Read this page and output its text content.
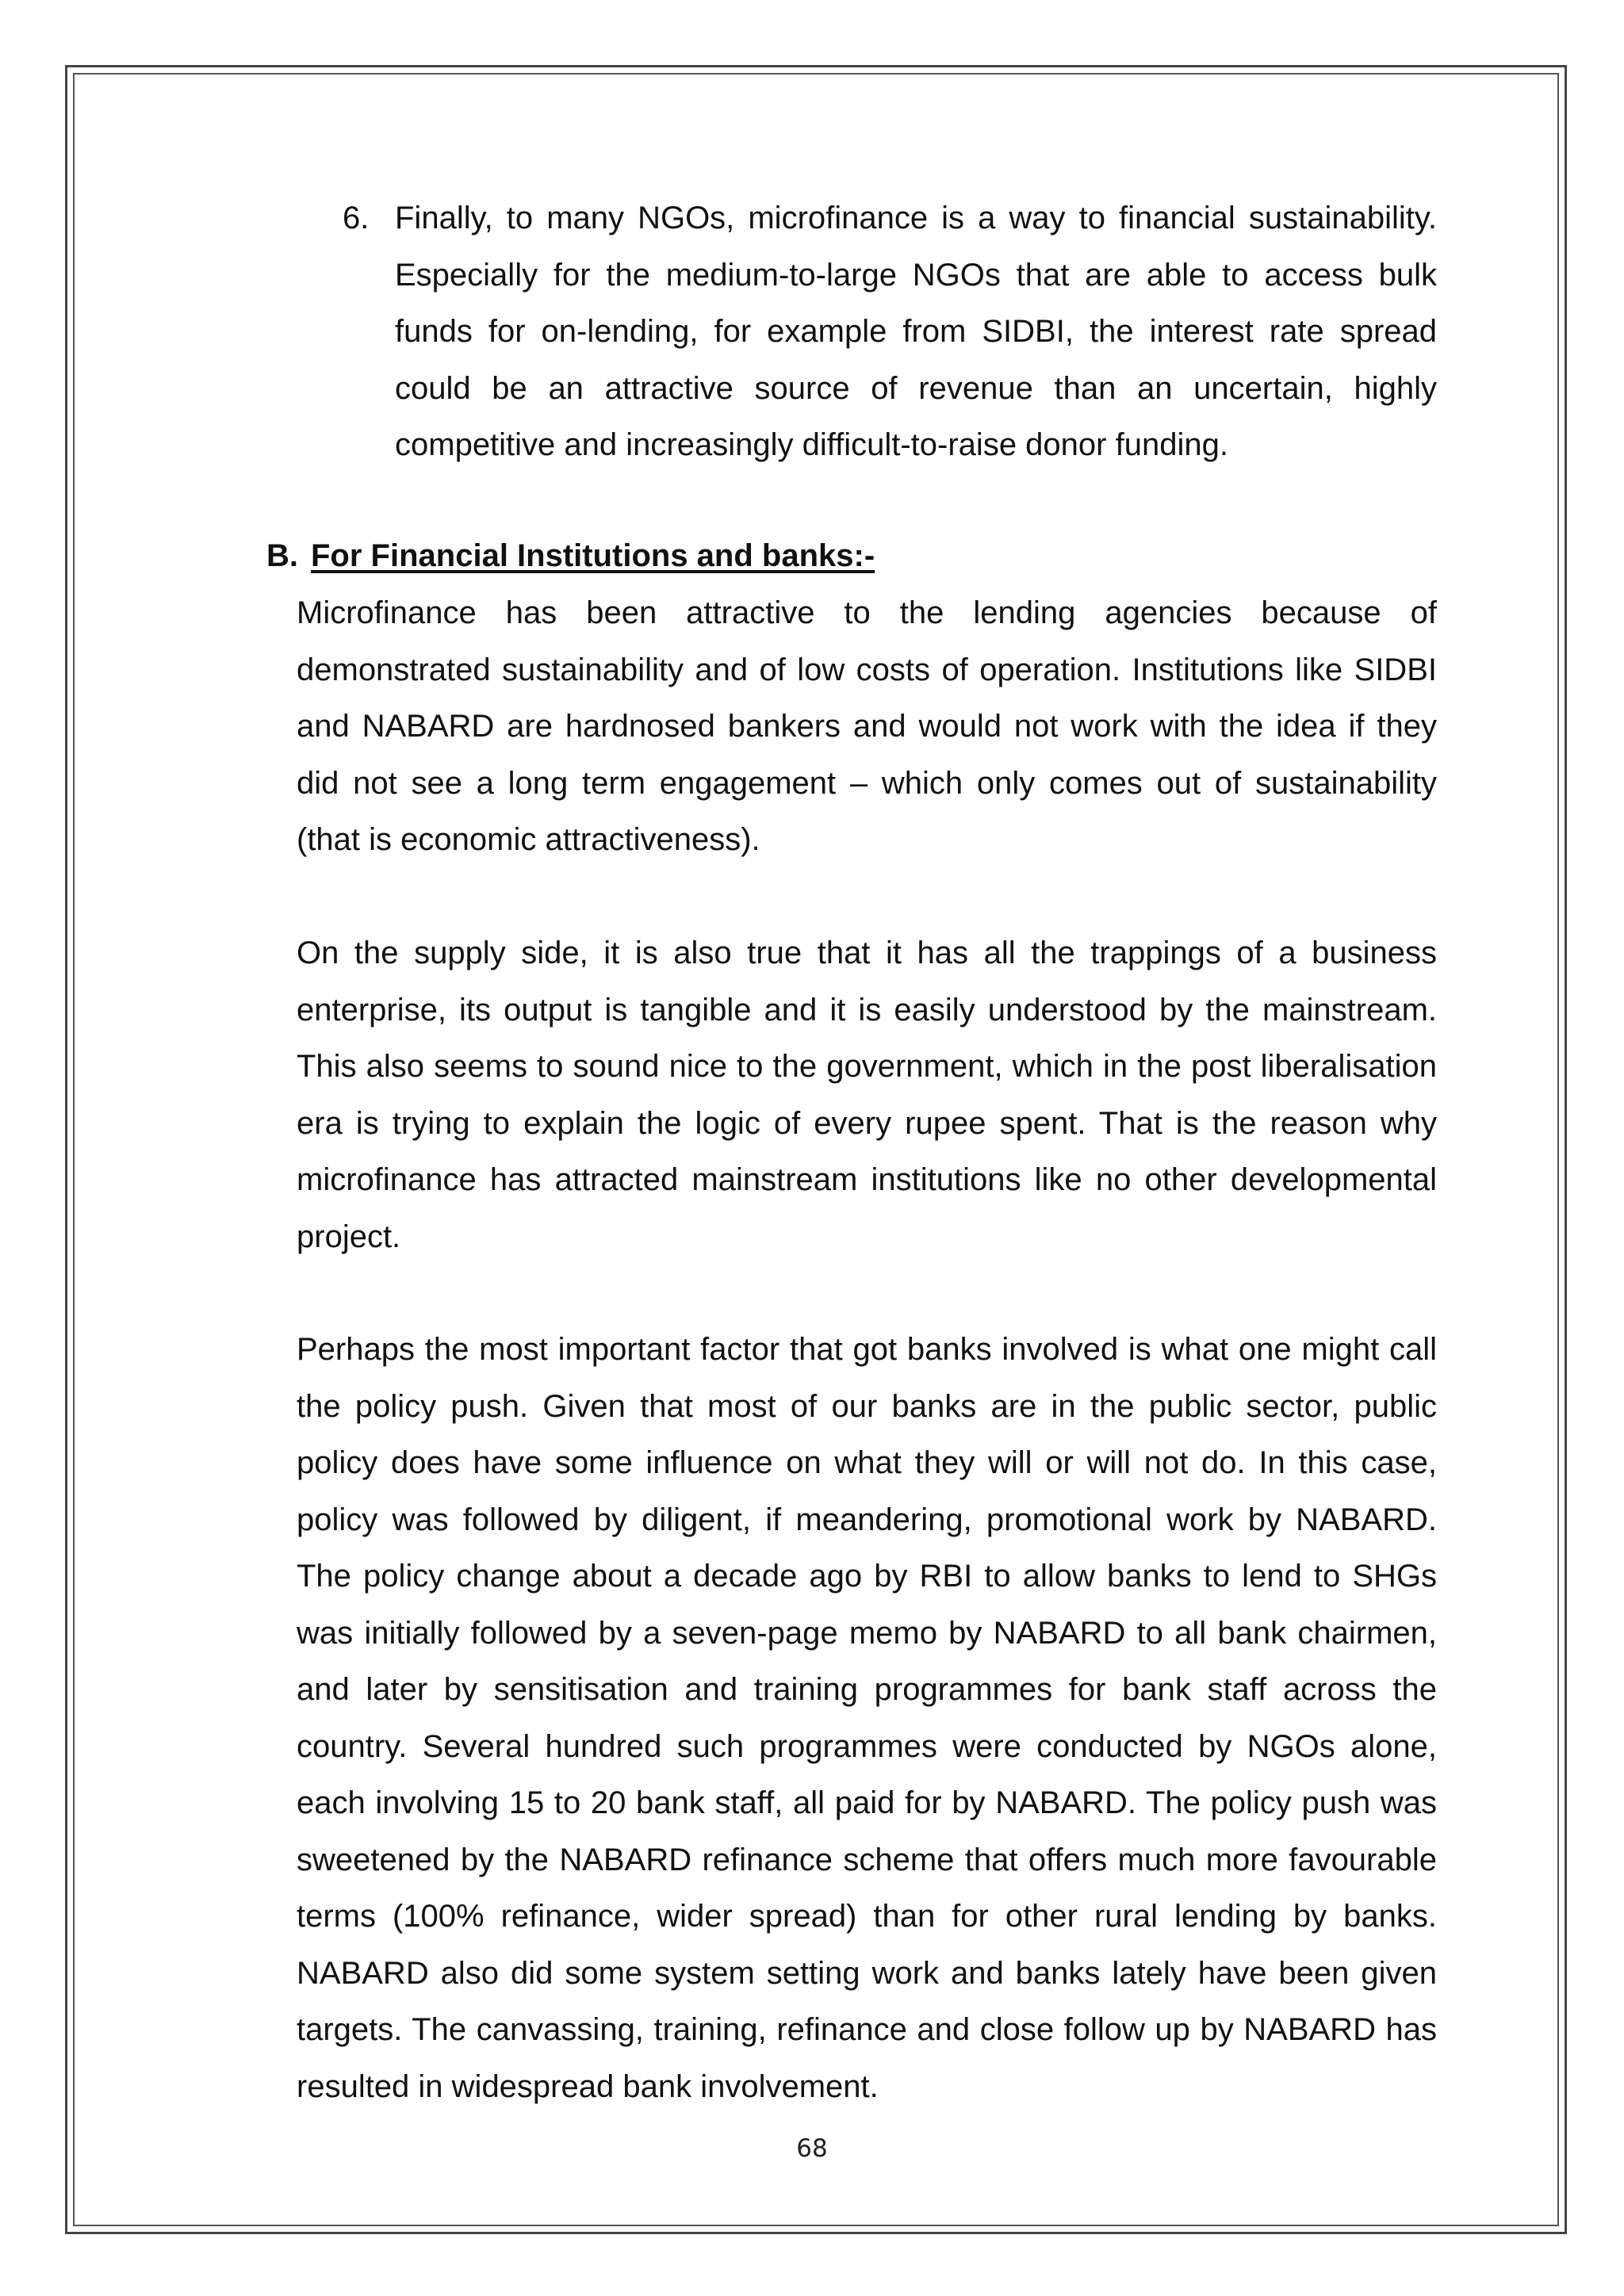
6. Finally, to many NGOs, microfinance is a way to financial sustainability. Especially for the medium-to-large NGOs that are able to access bulk funds for on-lending, for example from SIDBI, the interest rate spread could be an attractive source of revenue than an uncertain, highly competitive and increasingly difficult-to-raise donor funding.

B. For Financial Institutions and banks:-

Microfinance has been attractive to the lending agencies because of demonstrated sustainability and of low costs of operation. Institutions like SIDBI and NABARD are hardnosed bankers and would not work with the idea if they did not see a long term engagement – which only comes out of sustainability (that is economic attractiveness).

On the supply side, it is also true that it has all the trappings of a business enterprise, its output is tangible and it is easily understood by the mainstream. This also seems to sound nice to the government, which in the post liberalisation era is trying to explain the logic of every rupee spent. That is the reason why microfinance has attracted mainstream institutions like no other developmental project.

Perhaps the most important factor that got banks involved is what one might call the policy push. Given that most of our banks are in the public sector, public policy does have some influence on what they will or will not do. In this case, policy was followed by diligent, if meandering, promotional work by NABARD. The policy change about a decade ago by RBI to allow banks to lend to SHGs was initially followed by a seven-page memo by NABARD to all bank chairmen, and later by sensitisation and training programmes for bank staff across the country. Several hundred such programmes were conducted by NGOs alone, each involving 15 to 20 bank staff, all paid for by NABARD. The policy push was sweetened by the NABARD refinance scheme that offers much more favourable terms (100% refinance, wider spread) than for other rural lending by banks. NABARD also did some system setting work and banks lately have been given targets. The canvassing, training, refinance and close follow up by NABARD has resulted in widespread bank involvement.

68
